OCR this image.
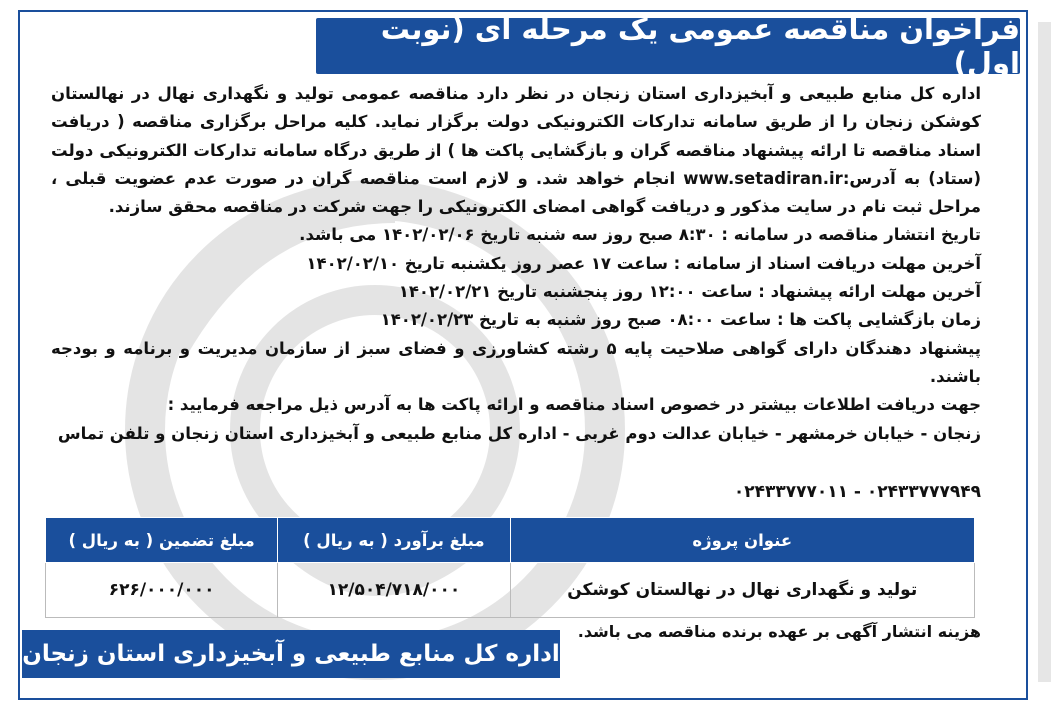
فراخوان مناقصه عمومی یک مرحله ای (نوبت اول)

اداره کل منابع طبیعی و آبخیزداری استان زنجان در نظر دارد مناقصه عمومی تولید و نگهداری نهال در نهالستان کوشکن زنجان را از طریق سامانه تدارکات الکترونیکی دولت برگزار نماید. کلیه مراحل برگزاری مناقصه ( دریافت اسناد مناقصه تا ارائه پیشنهاد مناقصه گران و بازگشایی پاکت ها ) از طریق درگاه سامانه تدارکات الکترونیکی دولت (ستاد) به آدرس:www.setadiran.ir انجام خواهد شد. و لازم است مناقصه گران در صورت عدم عضویت قبلی ، مراحل ثبت نام در سایت مذکور و دریافت گواهی امضای الکترونیکی را جهت شرکت در مناقصه محقق سازند.

تاریخ انتشار مناقصه در سامانه : ۸:۳۰ صبح روز سه شنبه تاریخ ۱۴۰۲/۰۲/۰۶ می باشد.

آخرین مهلت دریافت اسناد از سامانه : ساعت ۱۷ عصر روز یکشنبه تاریخ ۱۴۰۲/۰۲/۱۰

آخرین مهلت ارائه پیشنهاد : ساعت ۱۲:۰۰ روز پنجشنبه تاریخ ۱۴۰۲/۰۲/۲۱

زمان بازگشایی پاکت ها : ساعت ۰۸:۰۰ صبح روز شنبه به تاریخ ۱۴۰۲/۰۲/۲۳

پیشنهاد دهندگان دارای گواهی صلاحیت پایه ۵ رشته کشاورزی و فضای سبز از سازمان مدیریت و برنامه و بودجه باشند.

جهت دریافت اطلاعات بیشتر در خصوص اسناد مناقصه و ارائه پاکت ها به آدرس ذیل مراجعه فرمایید :

زنجان - خیابان خرمشهر - خیابان عدالت دوم غربی - اداره کل منابع طبیعی و آبخیزداری استان زنجان و تلفن تماس

۰۲۴۳۳۷۷۷۰۱۱ - ۰۲۴۳۳۷۷۷۹۴۹
عنوان پروژه	مبلغ برآورد ( به ریال )	مبلغ تضمین ( به ریال )
تولید و نگهداری نهال در نهالستان کوشکن	۱۲/۵۰۴/۷۱۸/۰۰۰	۶۲۶/۰۰۰/۰۰۰
هزینه انتشار آگهی بر عهده برنده مناقصه می باشد.
اداره کل منابع طبیعی و آبخیزداری استان زنجان
